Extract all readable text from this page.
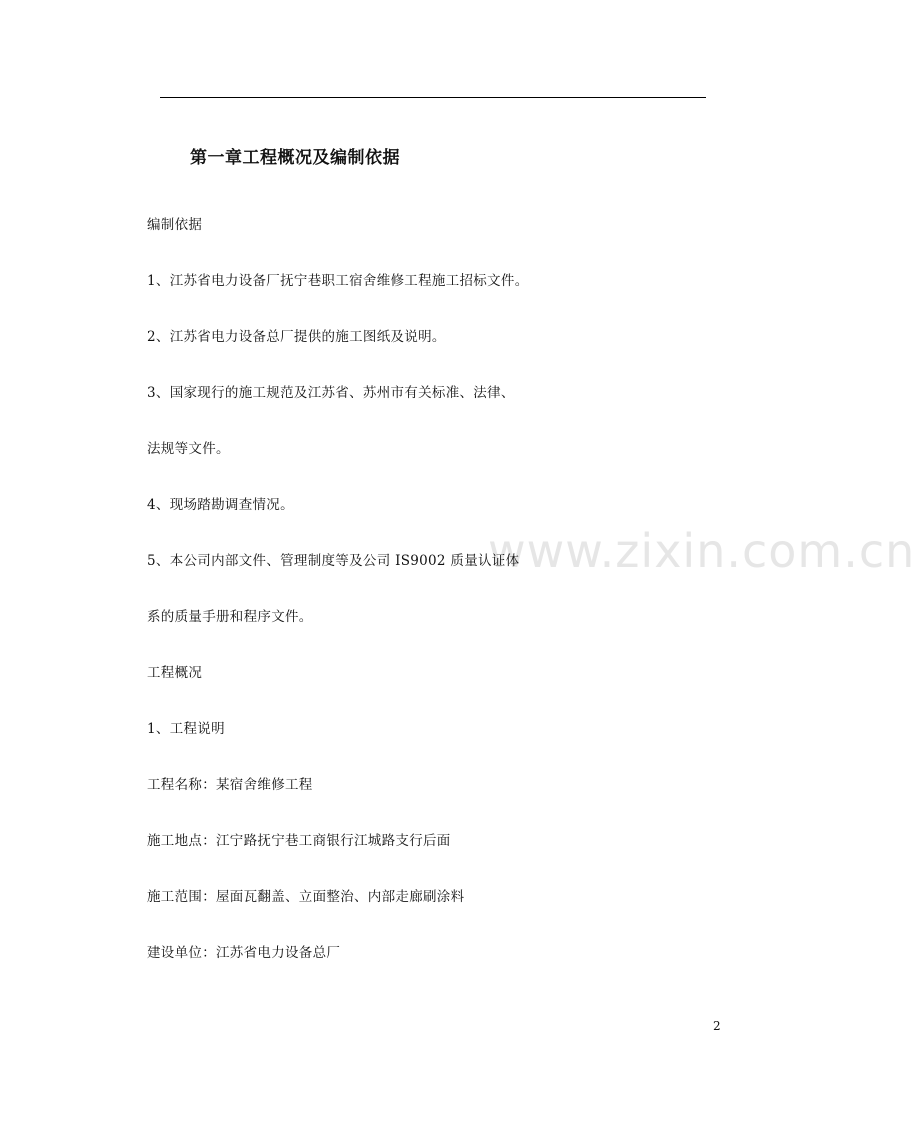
www.zixin.com.cn
第一章工程概况及编制依据
编制依据
1、江苏省电力设备厂抚宁巷职工宿舍维修工程施工招标文件。
2、江苏省电力设备总厂提供的施工图纸及说明。
3、国家现行的施工规范及江苏省、苏州市有关标准、法律、
法规等文件。
4、现场踏勘调查情况。
5、本公司内部文件、管理制度等及公司 IS9002 质量认证体
系的质量手册和程序文件。
工程概况
1、工程说明
工程名称：某宿舍维修工程
施工地点：江宁路抚宁巷工商银行江城路支行后面
施工范围：屋面瓦翻盖、立面整治、内部走廊刷涂料
建设单位：江苏省电力设备总厂
2
